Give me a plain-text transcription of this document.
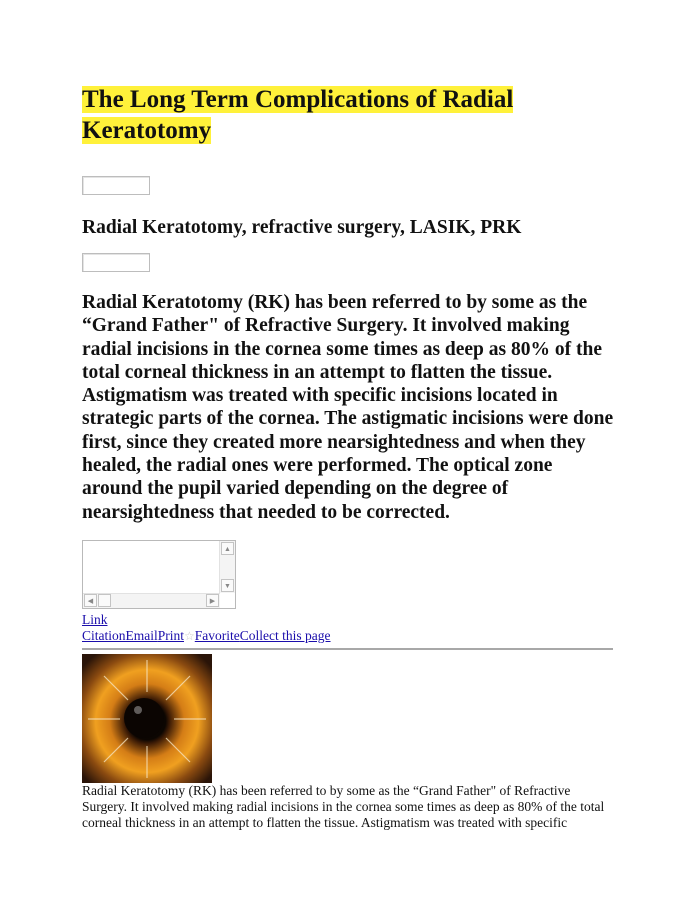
The Long Term Complications of Radial Keratotomy
Radial Keratotomy, refractive surgery, LASIK, PRK

Radial Keratotomy (RK) has been referred to by some as the “Grand Father" of Refractive Surgery. It involved making radial incisions in the cornea some times as deep as 80% of the total corneal thickness in an attempt to flatten the tissue. Astigmatism was treated with specific incisions located in strategic parts of the cornea. The astigmatic incisions were done first, since they created more nearsightedness and when they healed, the radial ones were performed. The optical zone around the pupil varied depending on the degree of nearsightedness that needed to be corrected.

▲
▼
◀	▶
Link
CitationEmailPrint☆FavoriteCollect this page

Radial Keratotomy (RK) has been referred to by some as the “Grand Father" of Refractive Surgery. It involved making radial incisions in the cornea some times as deep as 80% of the total corneal thickness in an attempt to flatten the tissue. Astigmatism was treated with specific
